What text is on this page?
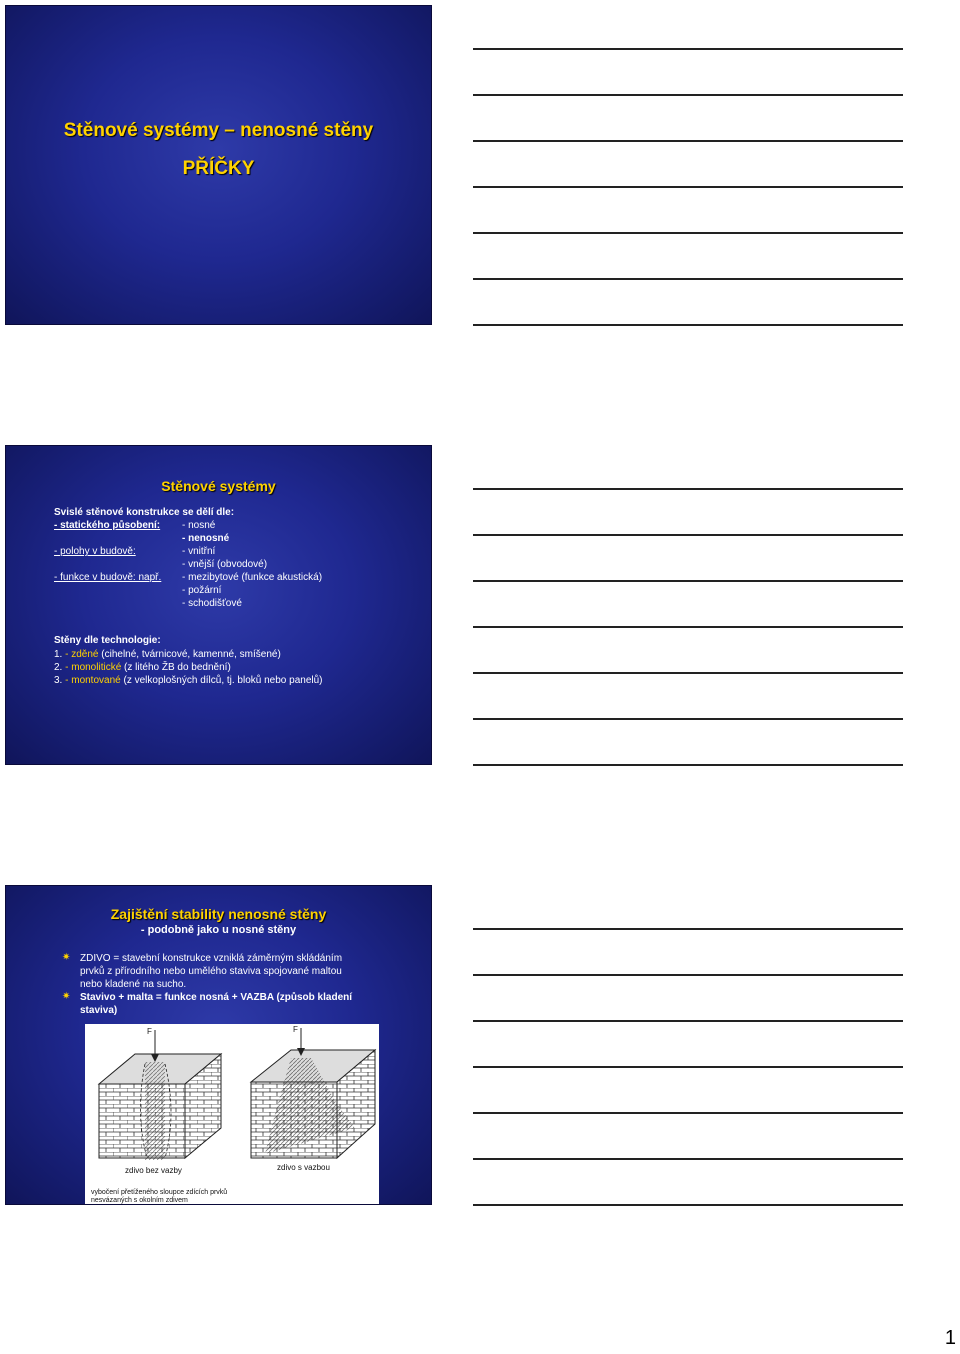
Stěnové systémy – nenosné stěny
PŘÍČKY
Stěnové systémy
Svislé stěnové konstrukce se dělí dle:
- statického působení: - nosné
- nenosné
- polohy v budově:	- vnitřní
- vnější (obvodové)
- funkce v budově: např. - mezibytové (funkce akustická)
- požární
- schodišťové
Stěny dle technologie:
1. - zděné (cihelné, tvárnicové, kamenné, smíšené)
2. - monolitické (z litého ŽB do bednění)
3. - montované (z velkoplošných dílců, tj. bloků nebo panelů)
Zajištění stability nenosné stěny
- podobně jako u nosné stěny
✷ ZDIVO = stavební konstrukce vzniklá záměrným skládáním
prvků z přírodního nebo umělého staviva spojované maltou
nebo kladené na sucho.
✷ Stavivo + malta = funkce nosná + VAZBA (způsob kladení
staviva)
F	F
zdivo bez vazby	zdivo s vazbou
vybočení přetíženého sloupce zdících prvků
nesvázaných s okolním zdivem
1
